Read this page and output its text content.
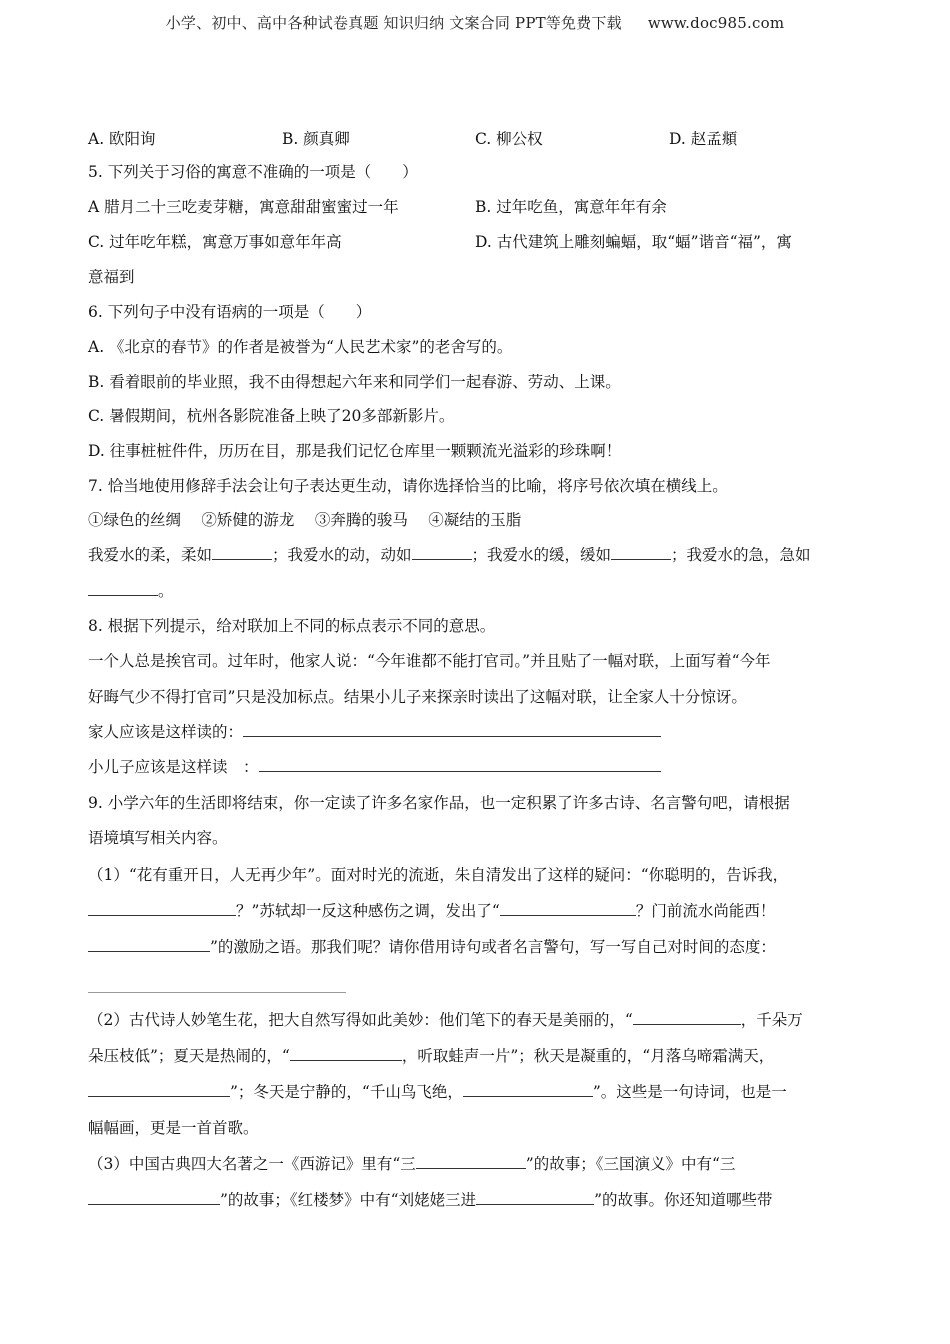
小学、初中、高中各种试卷真题 知识归纳 文案合同 PPT等免费下载 www.doc985.com
A. 欧阳询	B. 颜真卿	C. 柳公权	D. 赵孟頫
5. 下列关于习俗的寓意不准确的一项是（　　）
A 腊月二十三吃麦芽糖，寓意甜甜蜜蜜过一年	B. 过年吃鱼，寓意年年有余
C. 过年吃年糕，寓意万事如意年年高	D. 古代建筑上雕刻蝙蝠，取“蝠”谐音“福”，寓
意福到
6. 下列句子中没有语病的一项是（　　）
A. 《北京的春节》的作者是被誉为“人民艺术家”的老舍写的。
B. 看着眼前的毕业照，我不由得想起六年来和同学们一起春游、劳动、上课。
C. 暑假期间，杭州各影院准备上映了20多部新影片。
D. 往事桩桩件件，历历在目，那是我们记忆仓库里一颗颗流光溢彩的珍珠啊！
7. 恰当地使用修辞手法会让句子表达更生动，请你选择恰当的比喻，将序号依次填在横线上。
①绿色的丝绸　 ②矫健的游龙　 ③奔腾的骏马　 ④凝结的玉脂
我爱水的柔，柔如	；我爱水的动，动如	；我爱水的缓，缓如	；我爱水的急，急如
。
8. 根据下列提示，给对联加上不同的标点表示不同的意思。
一个人总是挨官司。过年时，他家人说：“今年谁都不能打官司。”并且贴了一幅对联，上面写着“今年
好晦气少不得打官司”只是没加标点。结果小儿子来探亲时读出了这幅对联，让全家人十分惊讶。
家人应该是这样读的：
小儿子应该是这样读　：
9. 小学六年的生活即将结束，你一定读了许多名家作品，也一定积累了许多古诗、名言警句吧，请根据
语境填写相关内容。
（1）“花有重开日，人无再少年”。面对时光的流逝，朱自清发出了这样的疑问：“你聪明的，告诉我，
？”苏轼却一反这种感伤之调，发出了“	？门前流水尚能西！
”的激励之语。那我们呢？请你借用诗句或者名言警句，写一写自己对时间的态度：
（2）古代诗人妙笔生花，把大自然写得如此美妙：他们笔下的春天是美丽的，“	，千朵万
朵压枝低”；夏天是热闹的，“	，听取蛙声一片”；秋天是凝重的，“月落乌啼霜满天，
”；冬天是宁静的，“千山鸟飞绝，	”。这些是一句诗词，也是一
幅幅画，更是一首首歌。
（3）中国古典四大名著之一《西游记》里有“三	”的故事；《三国演义》中有“三
”的故事；《红楼梦》中有“刘姥姥三进	”的故事。你还知道哪些带
